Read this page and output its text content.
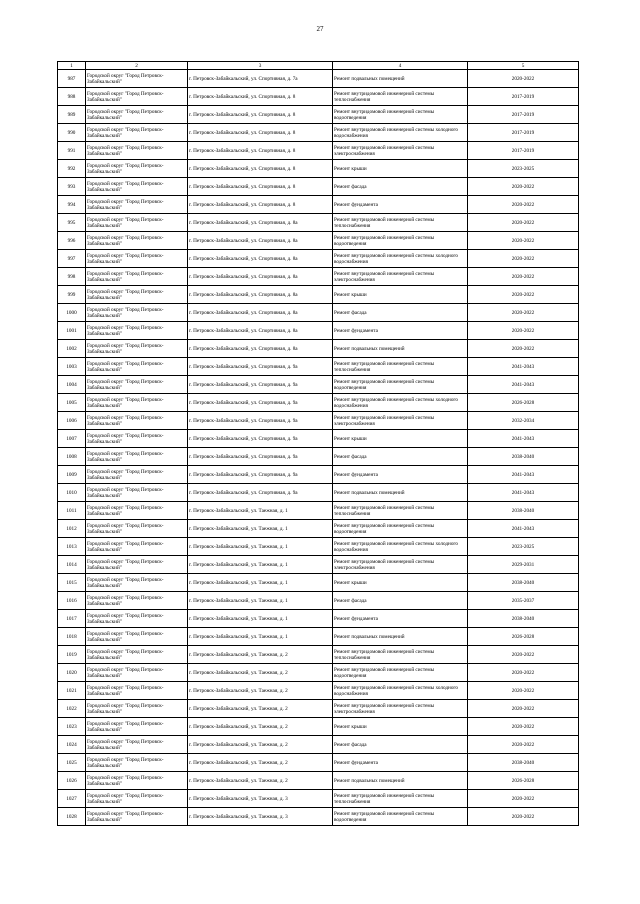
27
1	2	3	4	5
987	Городской округ "Город Петровск-Забайкальский"	г. Петровск-Забайкальский, ул. Спортивная, д. 7а	Ремонт подвальных помещений	2020-2022
988	Городской округ "Город Петровск-Забайкальский"	г. Петровск-Забайкальский, ул. Спортивная, д. 8	Ремонт внутридомовой инженерной системы теплоснабжения	2017-2019
989	Городской округ "Город Петровск-Забайкальский"	г. Петровск-Забайкальский, ул. Спортивная, д. 8	Ремонт внутридомовой инженерной системы водоотведения	2017-2019
990	Городской округ "Город Петровск-Забайкальский"	г. Петровск-Забайкальский, ул. Спортивная, д. 8	Ремонт внутридомовой инженерной системы холодного водоснабжения	2017-2019
991	Городской округ "Город Петровск-Забайкальский"	г. Петровск-Забайкальский, ул. Спортивная, д. 8	Ремонт внутридомовой инженерной системы электроснабжения	2017-2019
992	Городской округ "Город Петровск-Забайкальский"	г. Петровск-Забайкальский, ул. Спортивная, д. 8	Ремонт крыши	2023-2025
993	Городской округ "Город Петровск-Забайкальский"	г. Петровск-Забайкальский, ул. Спортивная, д. 8	Ремонт фасада	2020-2022
994	Городской округ "Город Петровск-Забайкальский"	г. Петровск-Забайкальский, ул. Спортивная, д. 8	Ремонт фундамента	2020-2022
995	Городской округ "Город Петровск-Забайкальский"	г. Петровск-Забайкальский, ул. Спортивная, д. 8а	Ремонт внутридомовой инженерной системы теплоснабжения	2020-2022
996	Городской округ "Город Петровск-Забайкальский"	г. Петровск-Забайкальский, ул. Спортивная, д. 8а	Ремонт внутридомовой инженерной системы водоотведения	2020-2022
997	Городской округ "Город Петровск-Забайкальский"	г. Петровск-Забайкальский, ул. Спортивная, д. 8а	Ремонт внутридомовой инженерной системы холодного водоснабжения	2020-2022
998	Городской округ "Город Петровск-Забайкальский"	г. Петровск-Забайкальский, ул. Спортивная, д. 8а	Ремонт внутридомовой инженерной системы электроснабжения	2020-2022
999	Городской округ "Город Петровск-Забайкальский"	г. Петровск-Забайкальский, ул. Спортивная, д. 8а	Ремонт крыши	2020-2022
1000	Городской округ "Город Петровск-Забайкальский"	г. Петровск-Забайкальский, ул. Спортивная, д. 8а	Ремонт фасада	2020-2022
1001	Городской округ "Город Петровск-Забайкальский"	г. Петровск-Забайкальский, ул. Спортивная, д. 8а	Ремонт фундамента	2020-2022
1002	Городской округ "Город Петровск-Забайкальский"	г. Петровск-Забайкальский, ул. Спортивная, д. 8а	Ремонт подвальных помещений	2020-2022
1003	Городской округ "Город Петровск-Забайкальский"	г. Петровск-Забайкальский, ул. Спортивная, д. 9а	Ремонт внутридомовой инженерной системы теплоснабжения	2041-2043
1004	Городской округ "Город Петровск-Забайкальский"	г. Петровск-Забайкальский, ул. Спортивная, д. 9а	Ремонт внутридомовой инженерной системы водоотведения	2041-2043
1005	Городской округ "Город Петровск-Забайкальский"	г. Петровск-Забайкальский, ул. Спортивная, д. 9а	Ремонт внутридомовой инженерной системы холодного водоснабжения	2026-2028
1006	Городской округ "Город Петровск-Забайкальский"	г. Петровск-Забайкальский, ул. Спортивная, д. 9а	Ремонт внутридомовой инженерной системы электроснабжения	2032-2034
1007	Городской округ "Город Петровск-Забайкальский"	г. Петровск-Забайкальский, ул. Спортивная, д. 9а	Ремонт крыши	2041-2043
1008	Городской округ "Город Петровск-Забайкальский"	г. Петровск-Забайкальский, ул. Спортивная, д. 9а	Ремонт фасада	2038-2040
1009	Городской округ "Город Петровск-Забайкальский"	г. Петровск-Забайкальский, ул. Спортивная, д. 9а	Ремонт фундамента	2041-2043
1010	Городской округ "Город Петровск-Забайкальский"	г. Петровск-Забайкальский, ул. Спортивная, д. 9а	Ремонт подвальных помещений	2041-2043
1011	Городской округ "Город Петровск-Забайкальский"	г. Петровск-Забайкальский, ул. Таежная, д. 1	Ремонт внутридомовой инженерной системы теплоснабжения	2038-2040
1012	Городской округ "Город Петровск-Забайкальский"	г. Петровск-Забайкальский, ул. Таежная, д. 1	Ремонт внутридомовой инженерной системы водоотведения	2041-2043
1013	Городской округ "Город Петровск-Забайкальский"	г. Петровск-Забайкальский, ул. Таежная, д. 1	Ремонт внутридомовой инженерной системы холодного водоснабжения	2023-2025
1014	Городской округ "Город Петровск-Забайкальский"	г. Петровск-Забайкальский, ул. Таежная, д. 1	Ремонт внутридомовой инженерной системы электроснабжения	2029-2031
1015	Городской округ "Город Петровск-Забайкальский"	г. Петровск-Забайкальский, ул. Таежная, д. 1	Ремонт крыши	2038-2040
1016	Городской округ "Город Петровск-Забайкальский"	г. Петровск-Забайкальский, ул. Таежная, д. 1	Ремонт фасада	2035-2037
1017	Городской округ "Город Петровск-Забайкальский"	г. Петровск-Забайкальский, ул. Таежная, д. 1	Ремонт фундамента	2038-2040
1018	Городской округ "Город Петровск-Забайкальский"	г. Петровск-Забайкальский, ул. Таежная, д. 1	Ремонт подвальных помещений	2026-2028
1019	Городской округ "Город Петровск-Забайкальский"	г. Петровск-Забайкальский, ул. Таежная, д. 2	Ремонт внутридомовой инженерной системы теплоснабжения	2020-2022
1020	Городской округ "Город Петровск-Забайкальский"	г. Петровск-Забайкальский, ул. Таежная, д. 2	Ремонт внутридомовой инженерной системы водоотведения	2020-2022
1021	Городской округ "Город Петровск-Забайкальский"	г. Петровск-Забайкальский, ул. Таежная, д. 2	Ремонт внутридомовой инженерной системы холодного водоснабжения	2020-2022
1022	Городской округ "Город Петровск-Забайкальский"	г. Петровск-Забайкальский, ул. Таежная, д. 2	Ремонт внутридомовой инженерной системы электроснабжения	2020-2022
1023	Городской округ "Город Петровск-Забайкальский"	г. Петровск-Забайкальский, ул. Таежная, д. 2	Ремонт крыши	2020-2022
1024	Городской округ "Город Петровск-Забайкальский"	г. Петровск-Забайкальский, ул. Таежная, д. 2	Ремонт фасада	2020-2022
1025	Городской округ "Город Петровск-Забайкальский"	г. Петровск-Забайкальский, ул. Таежная, д. 2	Ремонт фундамента	2038-2040
1026	Городской округ "Город Петровск-Забайкальский"	г. Петровск-Забайкальский, ул. Таежная, д. 2	Ремонт подвальных помещений	2026-2028
1027	Городской округ "Город Петровск-Забайкальский"	г. Петровск-Забайкальский, ул. Таежная, д. 3	Ремонт внутридомовой инженерной системы теплоснабжения	2020-2022
1028	Городской округ "Город Петровск-Забайкальский"	г. Петровск-Забайкальский, ул. Таежная, д. 3	Ремонт внутридомовой инженерной системы водоотведения	2020-2022
